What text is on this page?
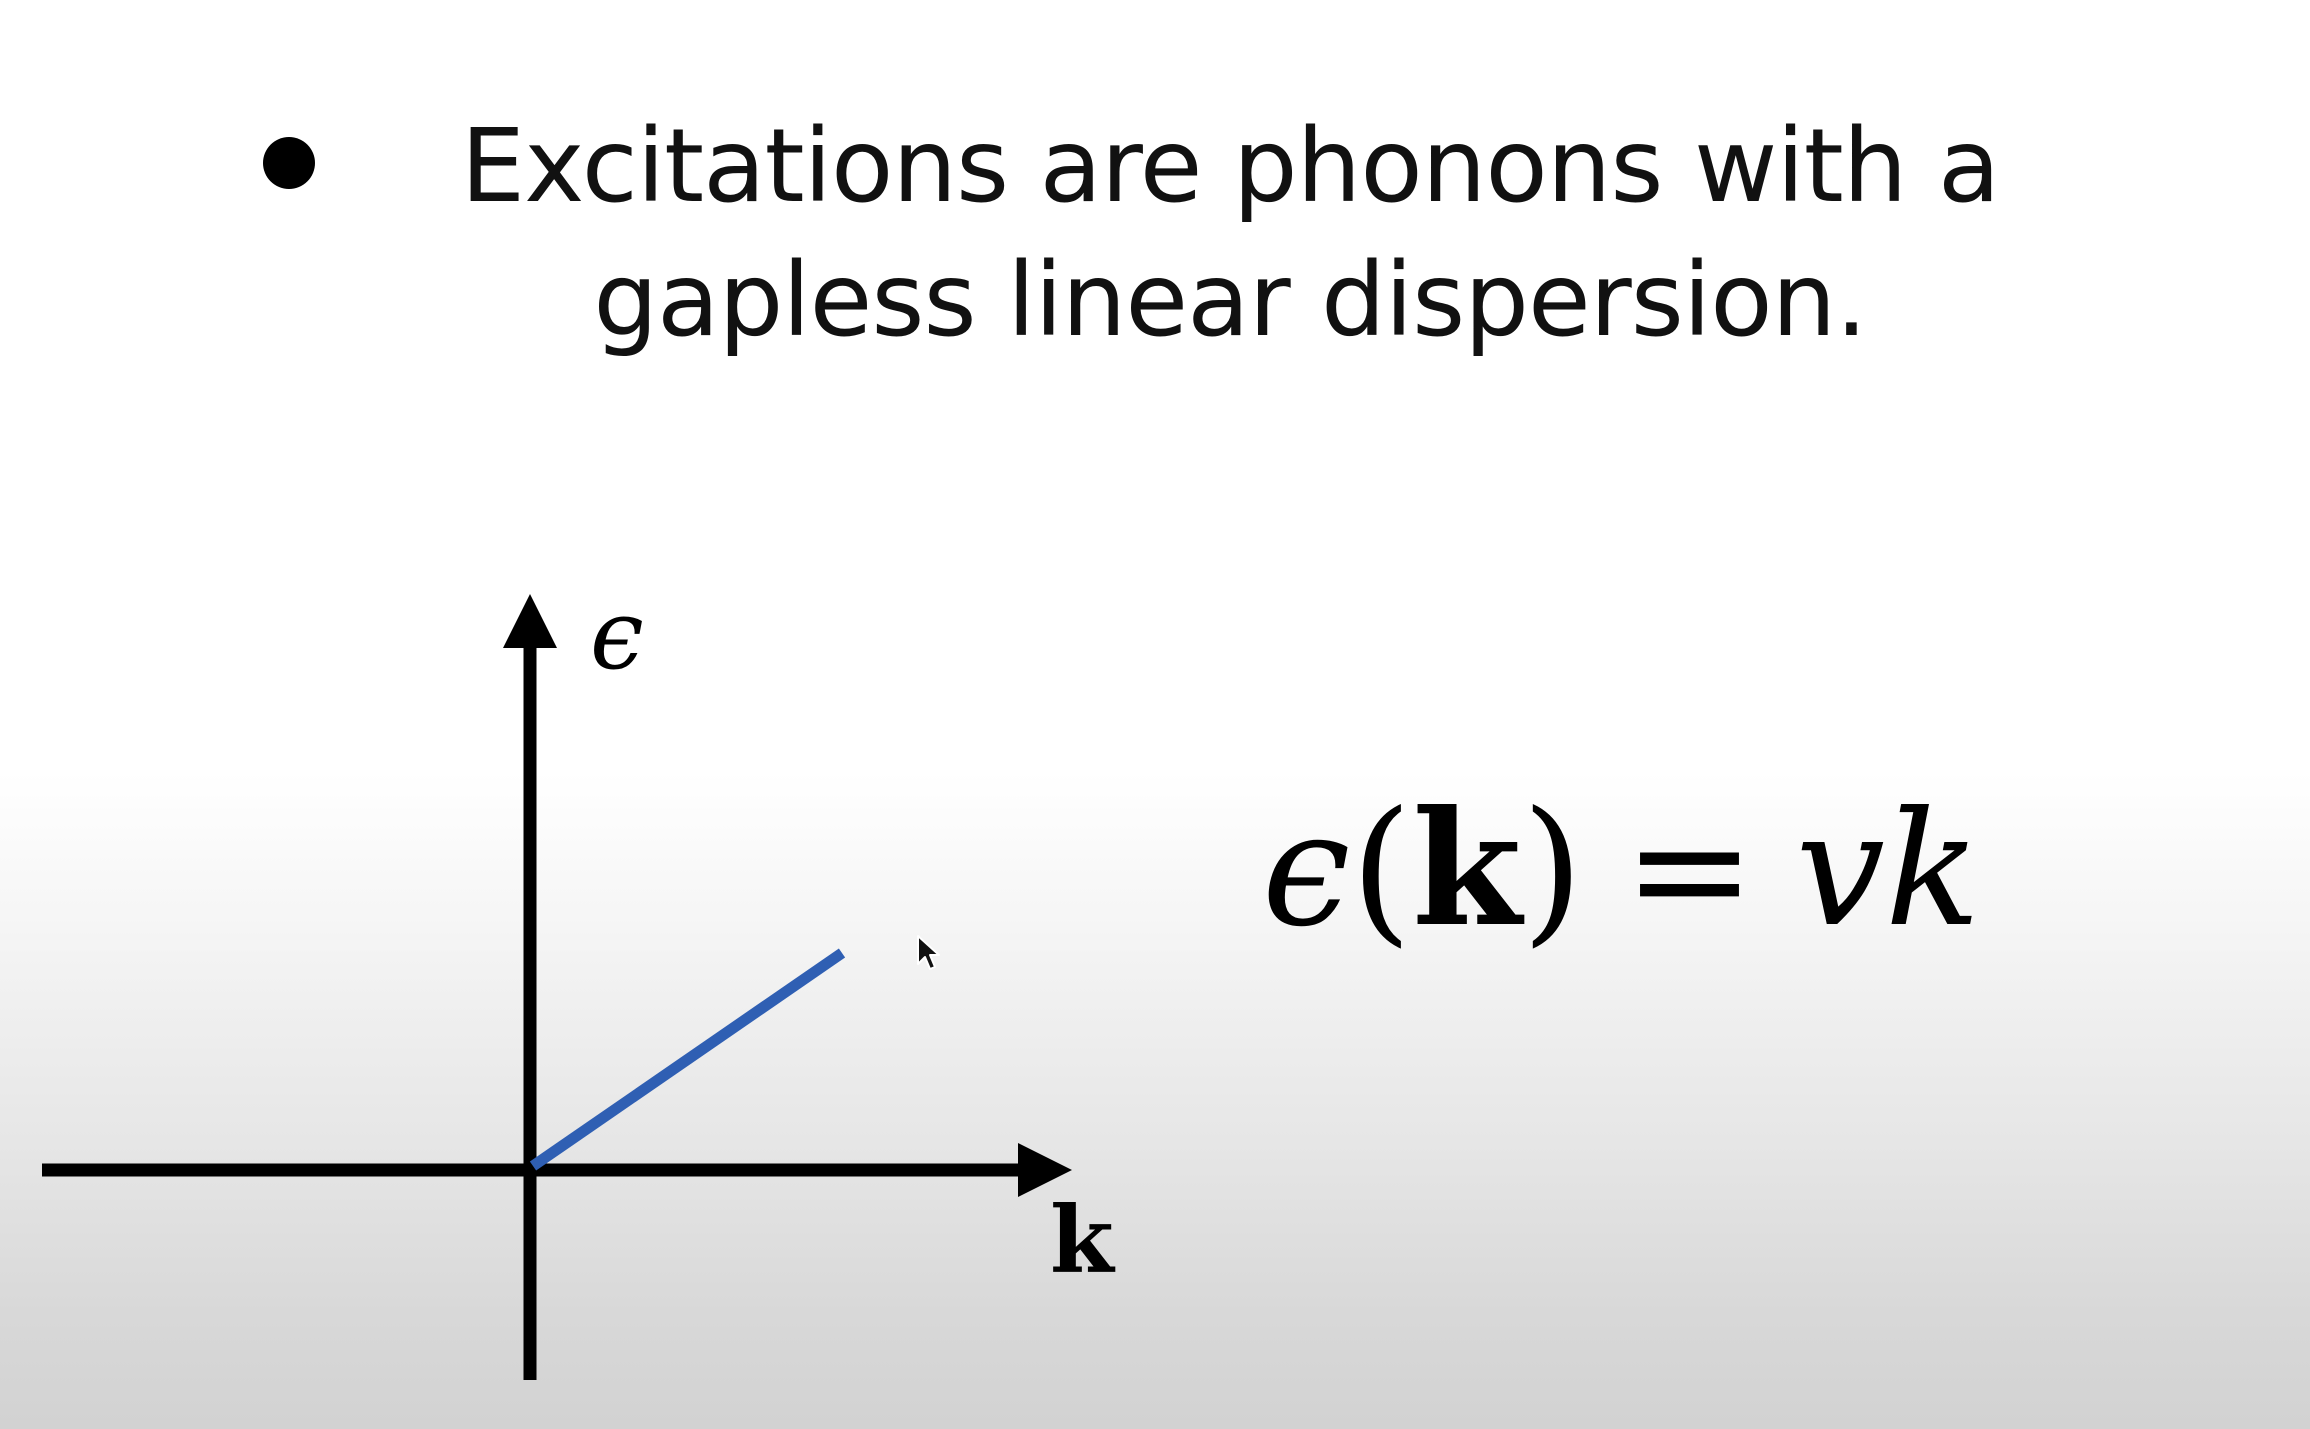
Excitations are phonons with a
gapless linear dispersion.
ϵ
k
ϵ(k) = vk
